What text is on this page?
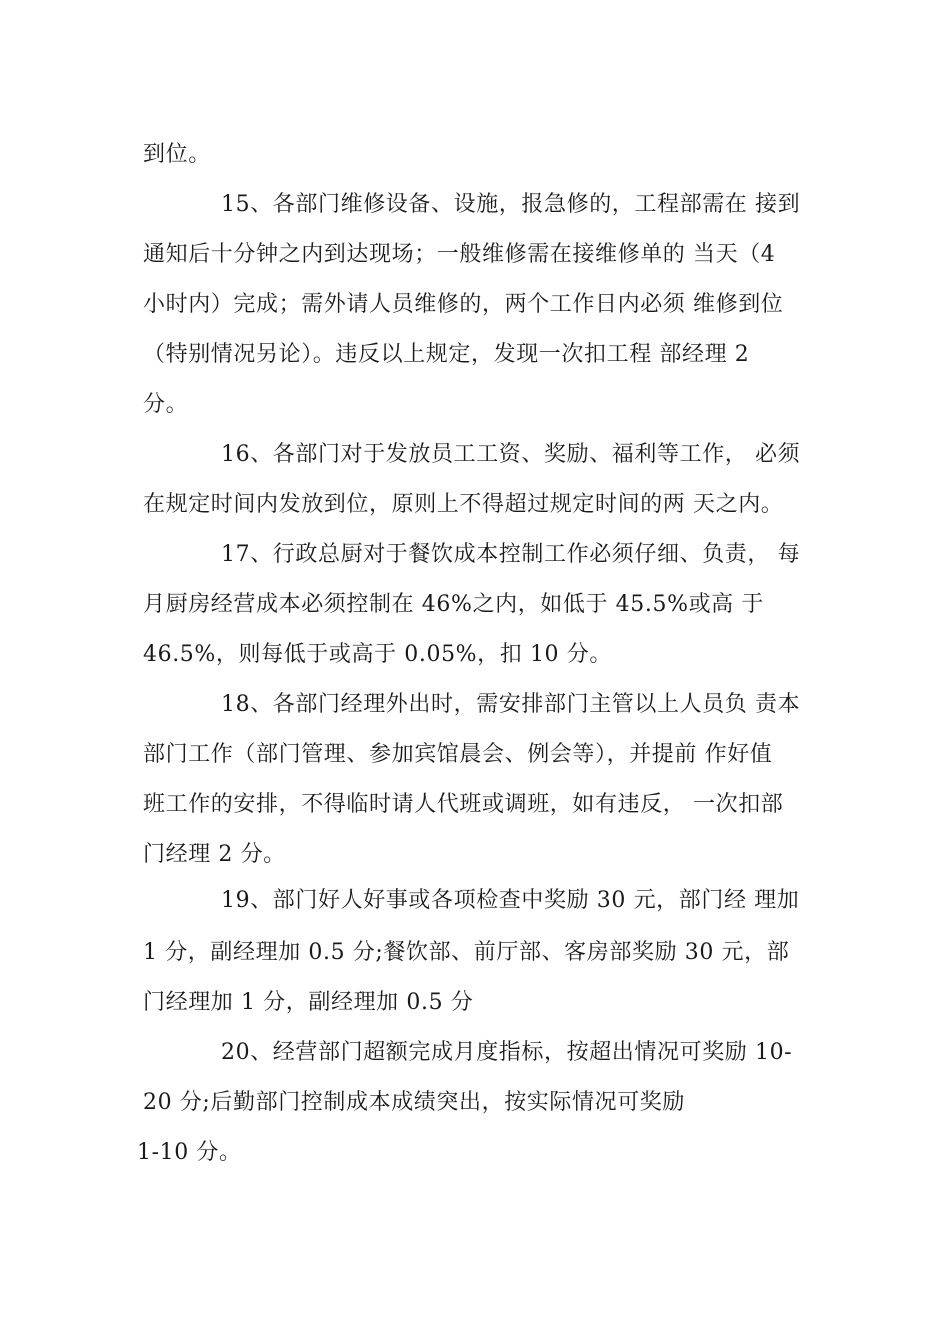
到位。
15、各部门维修设备、设施，报急修的，工程部需在 接到
通知后十分钟之内到达现场；一般维修需在接维修单的 当天（4
小时内）完成；需外请人员维修的，两个工作日内必须 维修到位
（特别情况另论）。违反以上规定，发现一次扣工程 部经理 2
分。
16、各部门对于发放员工工资、奖励、福利等工作， 必须
在规定时间内发放到位，原则上不得超过规定时间的两 天之内。
17、行政总厨对于餐饮成本控制工作必须仔细、负责， 每
月厨房经营成本必须控制在 46%之内，如低于 45.5%或高 于
46.5%，则每低于或高于 0.05%，扣 10 分。
18、各部门经理外出时，需安排部门主管以上人员负 责本
部门工作（部门管理、参加宾馆晨会、例会等），并提前 作好值
班工作的安排，不得临时请人代班或调班，如有违反， 一次扣部
门经理 2 分。
19、部门好人好事或各项检查中奖励 30 元，部门经 理加
1 分，副经理加 0.5 分;餐饮部、前厅部、客房部奖励 30 元，部
门经理加 1 分，副经理加 0.5 分
20、经营部门超额完成月度指标，按超出情况可奖励 10-
20 分;后勤部门控制成本成绩突出，按实际情况可奖励
1-10 分。
